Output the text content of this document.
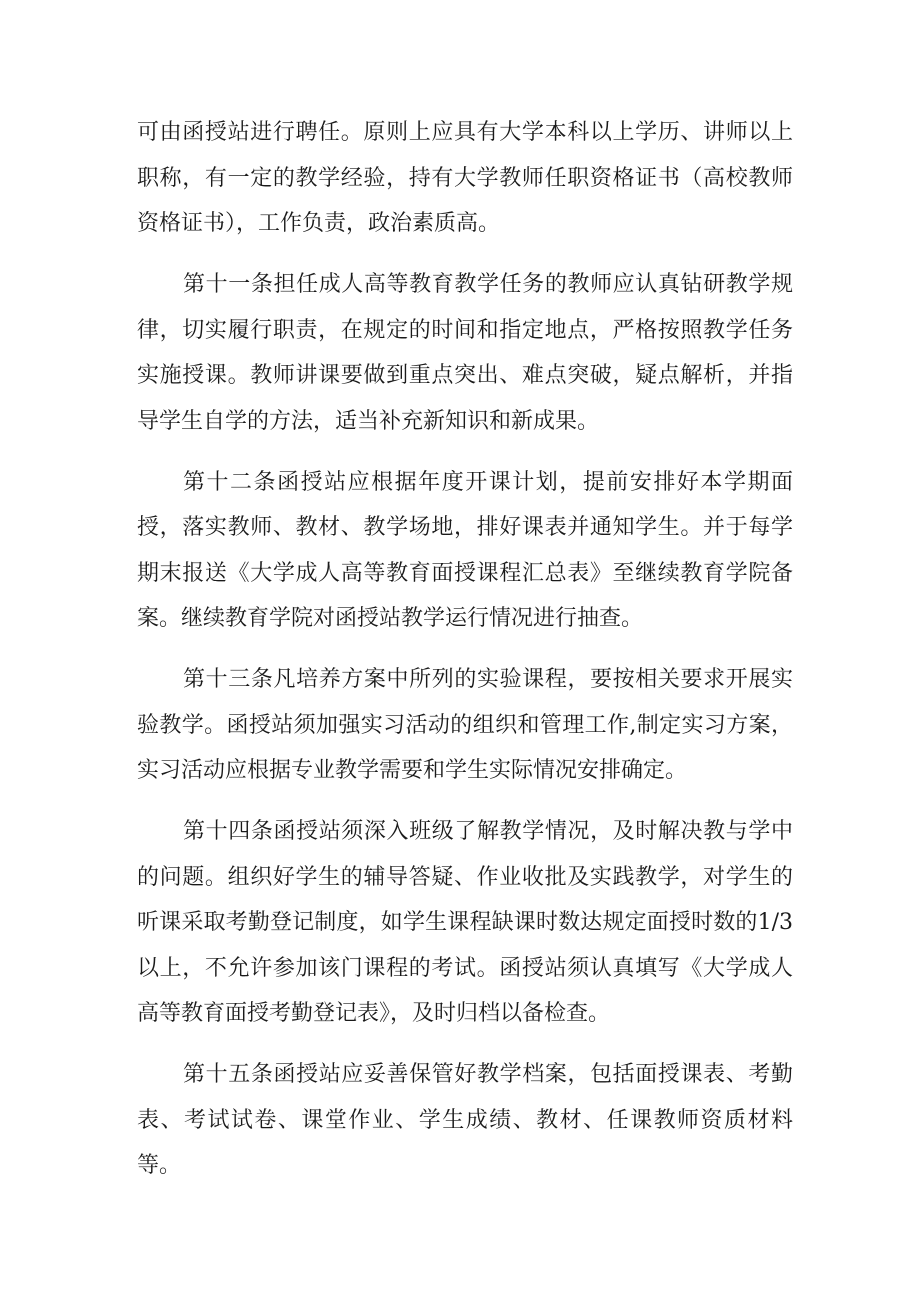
可由函授站进行聘任。原则上应具有大学本科以上学历、讲师以上职称，有一定的教学经验，持有大学教师任职资格证书（高校教师资格证书），工作负责，政治素质高。

第十一条担任成人高等教育教学任务的教师应认真钻研教学规律，切实履行职责，在规定的时间和指定地点，严格按照教学任务实施授课。教师讲课要做到重点突出、难点突破，疑点解析，并指导学生自学的方法，适当补充新知识和新成果。

第十二条函授站应根据年度开课计划，提前安排好本学期面授，落实教师、教材、教学场地，排好课表并通知学生。并于每学期末报送《大学成人高等教育面授课程汇总表》至继续教育学院备案。继续教育学院对函授站教学运行情况进行抽查。

第十三条凡培养方案中所列的实验课程，要按相关要求开展实验教学。函授站须加强实习活动的组织和管理工作,制定实习方案，实习活动应根据专业教学需要和学生实际情况安排确定。

第十四条函授站须深入班级了解教学情况，及时解决教与学中的问题。组织好学生的辅导答疑、作业收批及实践教学，对学生的听课采取考勤登记制度，如学生课程缺课时数达规定面授时数的1/3以上，不允许参加该门课程的考试。函授站须认真填写《大学成人高等教育面授考勤登记表》，及时归档以备检查。

第十五条函授站应妥善保管好教学档案，包括面授课表、考勤表、考试试卷、课堂作业、学生成绩、教材、任课教师资质材料等。
